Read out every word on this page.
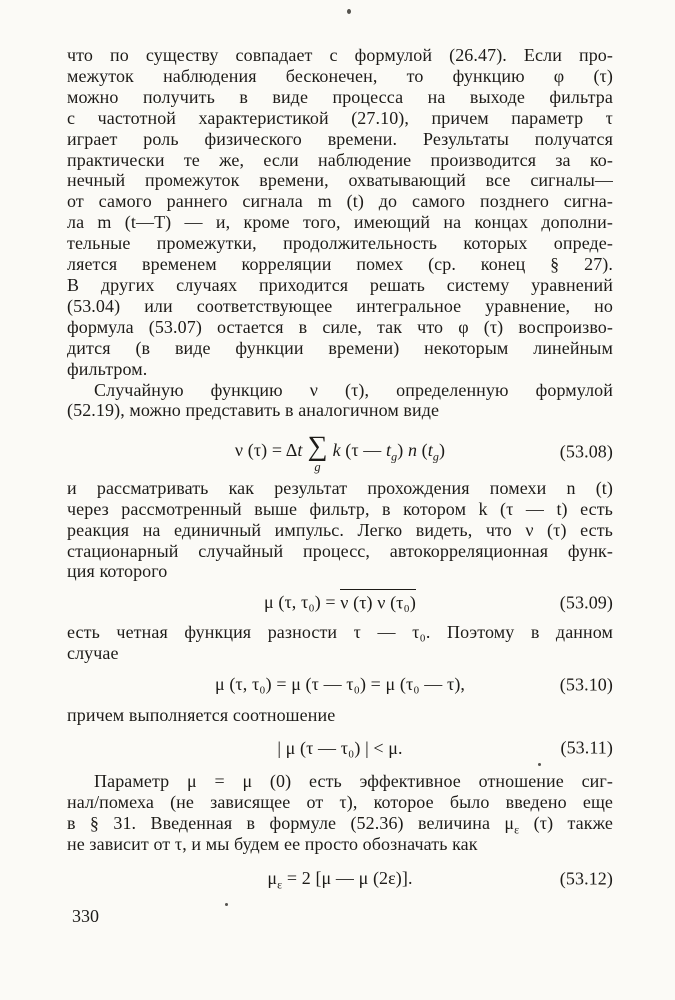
что по существу совпадает с формулой (26.47). Если про-
межуток наблюдения бесконечен, то функцию φ (τ)
можно получить в виде процесса на выходе фильтра
с частотной характеристикой (27.10), причем параметр τ
играет роль физического времени. Результаты получатся
практически те же, если наблюдение производится за ко-
нечный промежуток времени, охватывающий все сигналы—
от самого раннего сигнала m (t) до самого позднего сигна-
ла m (t—T) — и, кроме того, имеющий на концах дополни-
тельные промежутки, продолжительность которых опреде-
ляется временем корреляции помех (ср. конец § 27).
В других случаях приходится решать систему уравнений
(53.04) или соответствующее интегральное уравнение, но
формула (53.07) остается в силе, так что φ (τ) воспроизво-
дится (в виде функции времени) некоторым линейным
фильтром.
Случайную функцию ν (τ), определенную формулой
(52.19), можно представить в аналогичном виде
ν (τ) = Δt ∑
g
k (τ — $t_g$) n $(t_g)$	(53.08)
и рассматривать как результат прохождения помехи n (t)
через рассмотренный выше фильтр, в котором k (τ — t) есть
реакция на единичный импульс. Легко видеть, что ν (τ) есть
стационарный случайный процесс, автокорреляционная функ-
ция которого
μ (τ, τ₀) = ν (τ) ν (τ₀)	(53.09)
есть четная функция разности τ — τ₀. Поэтому в данном
случае
μ (τ, τ₀) = μ (τ — τ₀) = μ (τ₀ — τ),	(53.10)
причем выполняется соотношение
| μ (τ — τ₀) | < μ.	(53.11)
Параметр μ = μ (0) есть эффективное отношение сиг-
нал/помеха (не зависящее от τ), которое было введено еще
в § 31. Введенная в формуле (52.36) величина $\mu_\varepsilon$ (τ) также
не зависит от τ, и мы будем ее просто обозначать как
$\mu_\varepsilon = 2$ [μ — μ (2ε)].	(53.12)
330
